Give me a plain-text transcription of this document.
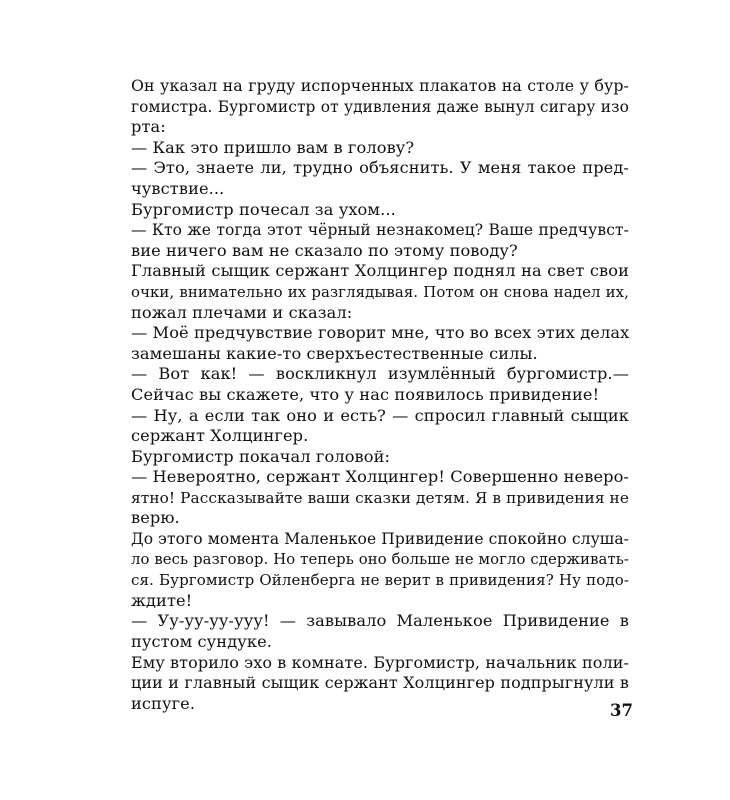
Он указал на груду испорченных плакатов на столе у бур-
гомистра. Бургомистр от удивления даже вынул сигару изо
рта:
— Как это пришло вам в голову?
— Это, знаете ли, трудно объяснить. У меня такое пред-
чувствие...
Бургомистр почесал за ухом...
— Кто же тогда этот чёрный незнакомец? Ваше предчувст-
вие ничего вам не сказало по этому поводу?
Главный сыщик сержант Холцингер поднял на свет свои
очки, внимательно их разглядывая. Потом он снова надел их,
пожал плечами и сказал:
— Моё предчувствие говорит мне, что во всех этих делах
замешаны какие-то сверхъестественные силы.
— Вот как! — воскликнул изумлённый бургомистр.—
Сейчас вы скажете, что у нас появилось привидение!
— Ну, а если так оно и есть? — спросил главный сыщик
сержант Холцингер.
Бургомистр покачал головой:
— Невероятно, сержант Холцингер! Совершенно неверо-
ятно! Рассказывайте ваши сказки детям. Я в привидения не
верю.
До этого момента Маленькое Привидение спокойно слуша-
ло весь разговор. Но теперь оно больше не могло сдерживать-
ся. Бургомистр Ойленберга не верит в привидения? Ну подо-
ждите!
— Уу-уу-уу-ууу! — завывало Маленькое Привидение в
пустом сундуке.
Ему вторило эхо в комнате. Бургомистр, начальник поли-
ции и главный сыщик сержант Холцингер подпрыгнули в
испуге.	37
